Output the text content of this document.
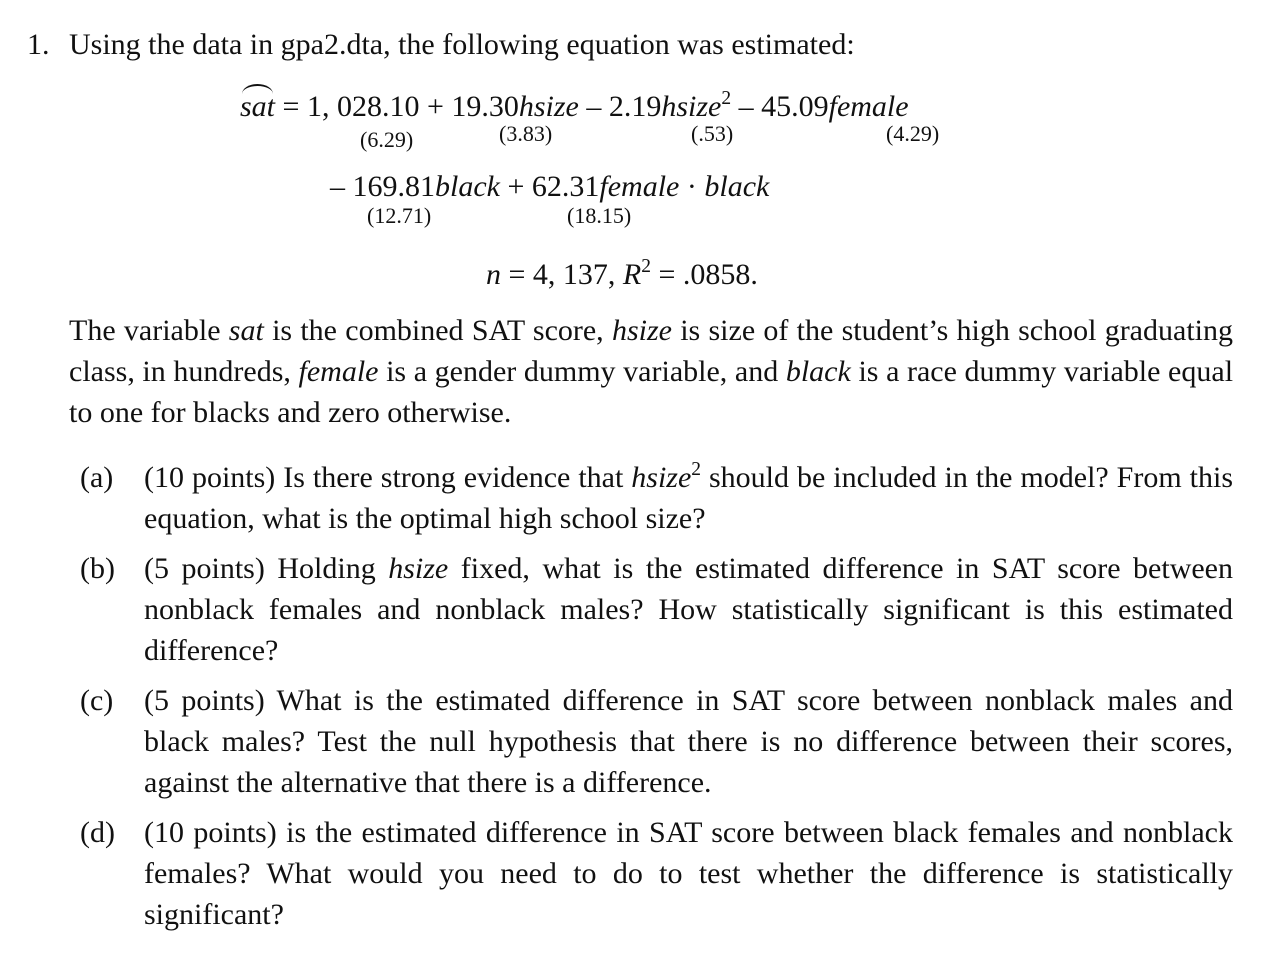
1. Using the data in gpa2.dta, the following equation was estimated:
sat = 1, 028.10 + 19.30hsize – 2.19hsize$^2$ – 45.09female
(6.29)	(3.83)	(.53)	(4.29)
– 169.81black + 62.31female · black
(12.71)	(18.15)
n = 4, 137, $R^2 = .0858$.
The variable sat is the combined SAT score, hsize is size of the student’s high school graduating class, in hundreds, female is a gender dummy variable, and black is a race dummy variable equal to one for blacks and zero otherwise.
(a)	(10 points) Is there strong evidence that hsize$^2$ should be included in the model? From this equation, what is the optimal high school size?
(b) (5 points) Holding hsize fixed, what is the estimated difference in SAT score between nonblack females and nonblack males? How statistically significant is this estimated difference?
(c)	(5 points) What is the estimated difference in SAT score between nonblack males and black males? Test the null hypothesis that there is no difference between their scores, against the alternative that there is a difference.
(d) (10 points) is the estimated difference in SAT score between black females and nonblack females? What would you need to do to test whether the difference is statistically significant?
